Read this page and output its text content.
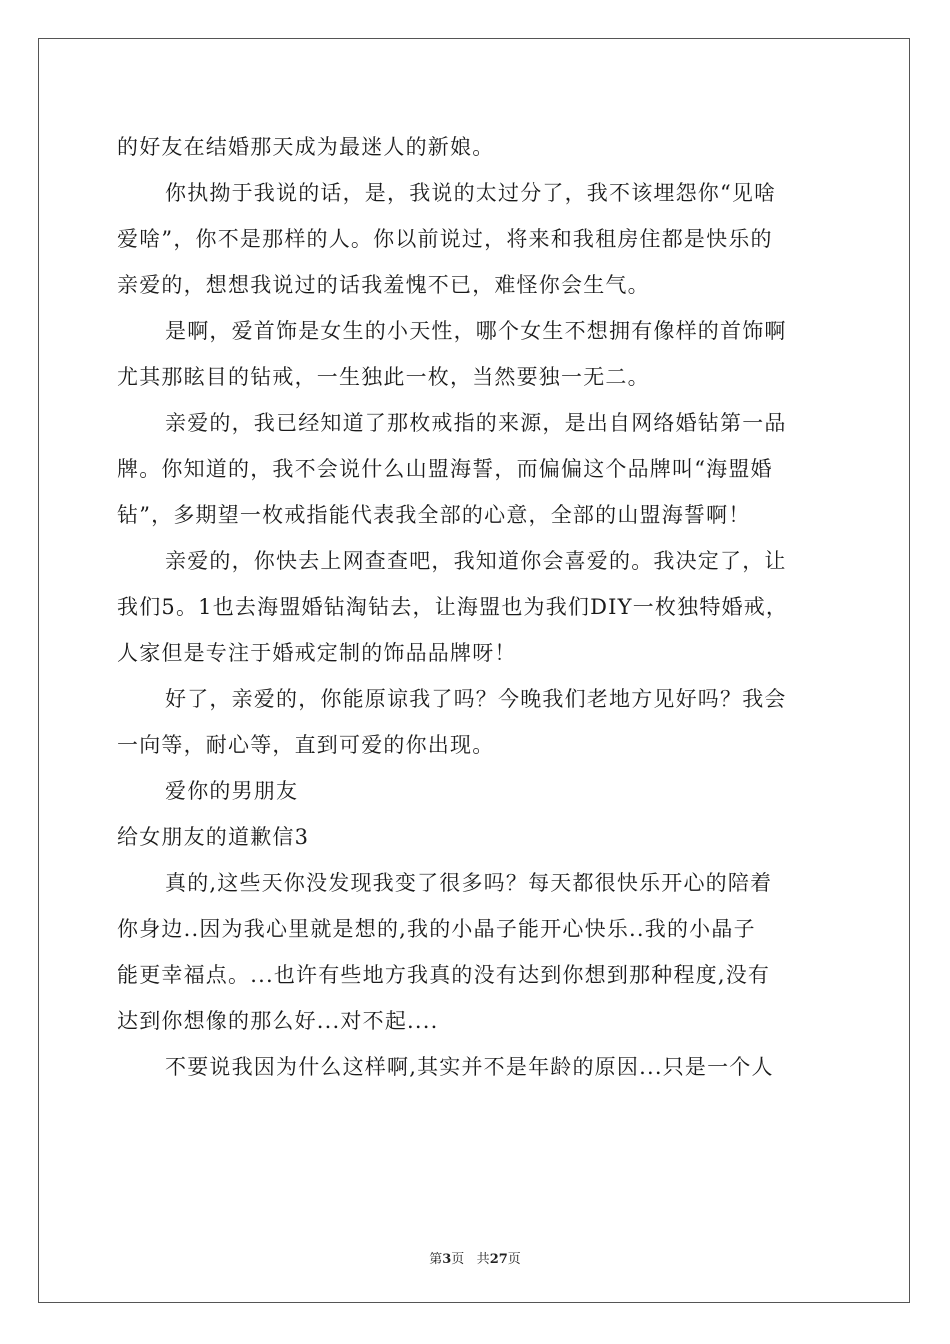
的好友在结婚那天成为最迷人的新娘。
你执拗于我说的话，是，我说的太过分了，我不该埋怨你“见啥
爱啥”，你不是那样的人。你以前说过，将来和我租房住都是快乐的
亲爱的，想想我说过的话我羞愧不已，难怪你会生气。
是啊，爱首饰是女生的小天性，哪个女生不想拥有像样的首饰啊
尤其那眩目的钻戒，一生独此一枚，当然要独一无二。
亲爱的，我已经知道了那枚戒指的来源，是出自网络婚钻第一品
牌。你知道的，我不会说什么山盟海誓，而偏偏这个品牌叫“海盟婚
钻”，多期望一枚戒指能代表我全部的心意，全部的山盟海誓啊！
亲爱的，你快去上网查查吧，我知道你会喜爱的。我决定了，让
我们5。1也去海盟婚钻淘钻去，让海盟也为我们DIY一枚独特婚戒，
人家但是专注于婚戒定制的饰品品牌呀！
好了，亲爱的，你能原谅我了吗？今晚我们老地方见好吗？我会
一向等，耐心等，直到可爱的你出现。
爱你的男朋友
给女朋友的道歉信3
真的,这些天你没发现我变了很多吗？每天都很快乐开心的陪着
你身边..因为我心里就是想的,我的小晶子能开心快乐..我的小晶子
能更幸福点。...也许有些地方我真的没有达到你想到那种程度,没有
达到你想像的那么好...对不起....
不要说我因为什么这样啊,其实并不是年龄的原因...只是一个人
第3页 共27页
